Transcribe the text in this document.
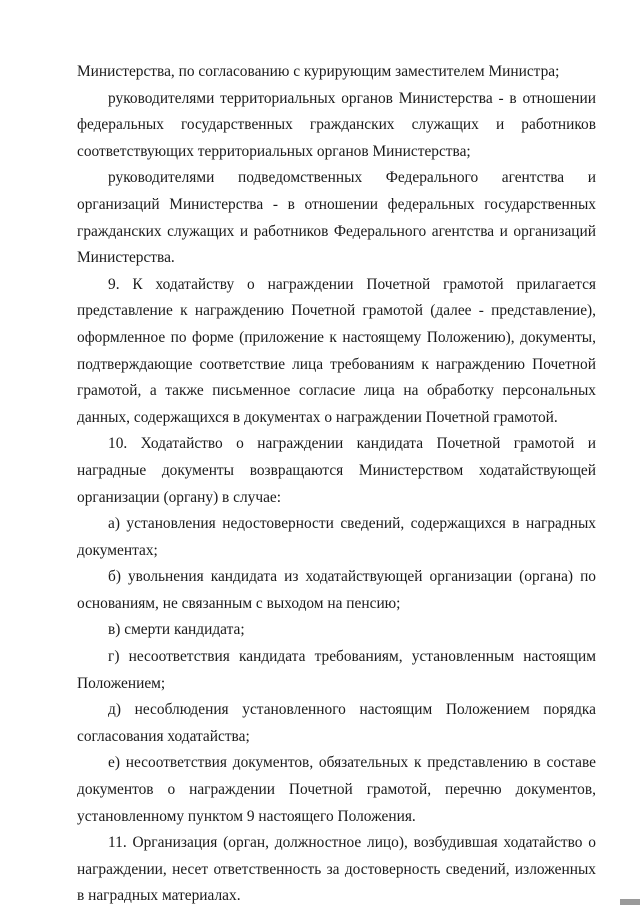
Министерства, по согласованию с курирующим заместителем Министра;

руководителями территориальных органов Министерства - в отношении федеральных государственных гражданских служащих и работников соответствующих территориальных органов Министерства;

руководителями подведомственных Федерального агентства и организаций Министерства - в отношении федеральных государственных гражданских служащих и работников Федерального агентства и организаций Министерства.

9. К ходатайству о награждении Почетной грамотой прилагается представление к награждению Почетной грамотой (далее - представление), оформленное по форме (приложение к настоящему Положению), документы, подтверждающие соответствие лица требованиям к награждению Почетной грамотой, а также письменное согласие лица на обработку персональных данных, содержащихся в документах о награждении Почетной грамотой.

10. Ходатайство о награждении кандидата Почетной грамотой и наградные документы возвращаются Министерством ходатайствующей организации (органу) в случае:

а) установления недостоверности сведений, содержащихся в наградных документах;

б) увольнения кандидата из ходатайствующей организации (органа) по основаниям, не связанным с выходом на пенсию;

в) смерти кандидата;

г) несоответствия кандидата требованиям, установленным настоящим Положением;

д) несоблюдения установленного настоящим Положением порядка согласования ходатайства;

е) несоответствия документов, обязательных к представлению в составе документов о награждении Почетной грамотой, перечню документов, установленному пунктом 9 настоящего Положения.

11. Организация (орган, должностное лицо), возбудившая ходатайство о награждении, несет ответственность за достоверность сведений, изложенных в наградных материалах.
